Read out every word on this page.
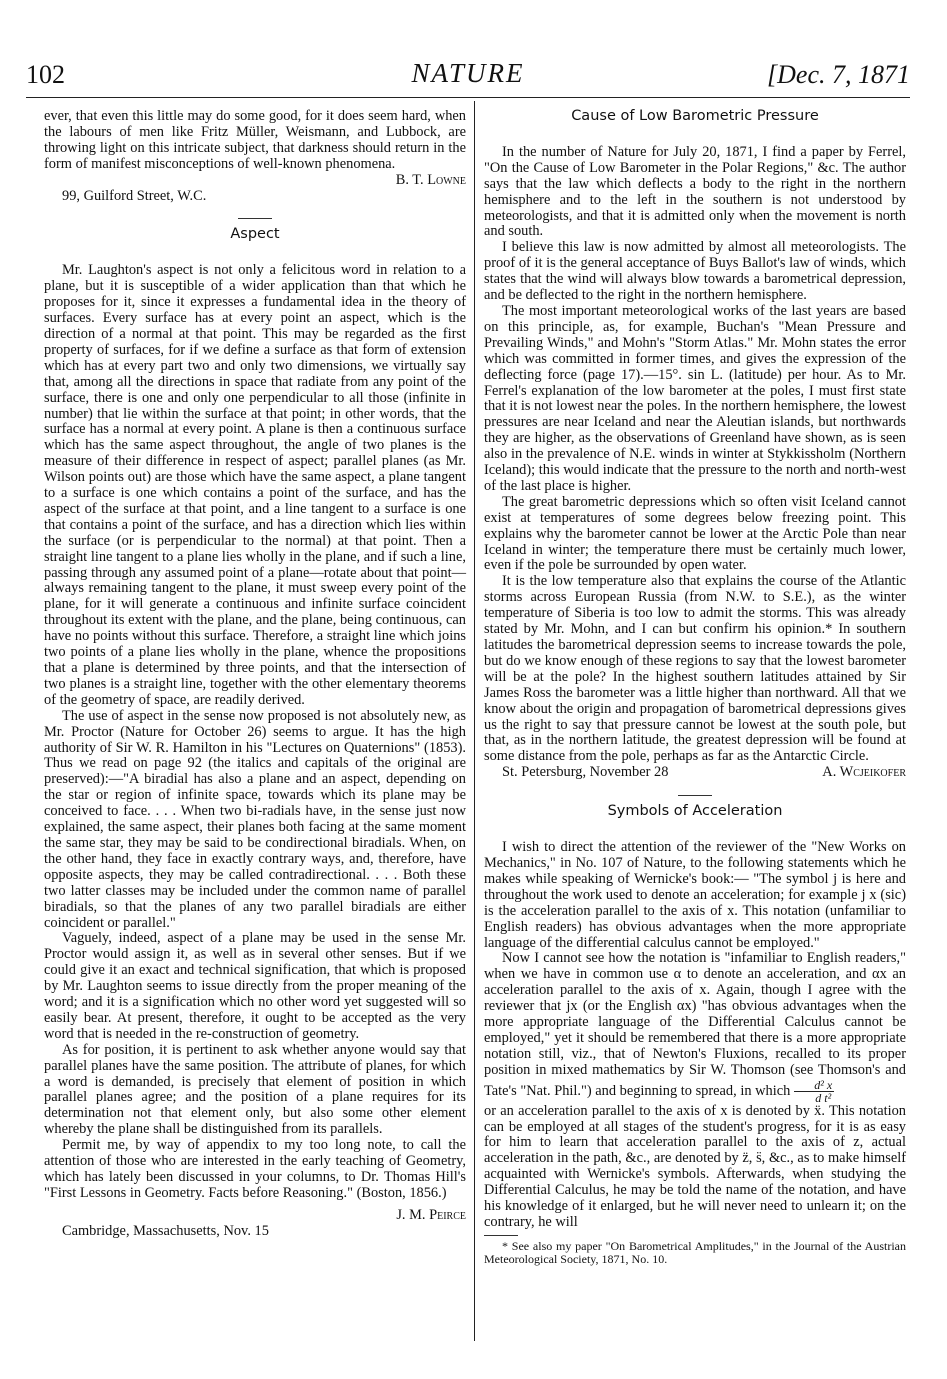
102	NATURE	[Dec. 7, 1871

ever, that even this little may do some good, for it does seem hard, when the labours of men like Fritz Müller, Weismann, and Lubbock, are throwing light on this intricate subject, that darkness should return in the form of manifest misconceptions of well-known phenomena.

B. T. Lowne

99, Guilford Street, W.C.

Aspect

Mr. Laughton's aspect is not only a felicitous word in relation to a plane, but it is susceptible of a wider application than that which he proposes for it, since it expresses a fundamental idea in the theory of surfaces. Every surface has at every point an aspect, which is the direction of a normal at that point. This may be regarded as the first property of surfaces, for if we define a surface as that form of extension which has at every part two and only two dimensions, we virtually say that, among all the directions in space that radiate from any point of the surface, there is one and only one perpendicular to all those (infinite in number) that lie within the surface at that point; in other words, that the surface has a normal at every point. A plane is then a continuous surface which has the same aspect throughout, the angle of two planes is the measure of their difference in respect of aspect; parallel planes (as Mr. Wilson points out) are those which have the same aspect, a plane tangent to a surface is one which contains a point of the surface, and has the aspect of the surface at that point, and a line tangent to a surface is one that contains a point of the surface, and has a direction which lies within the surface (or is perpendicular to the normal) at that point. Then a straight line tangent to a plane lies wholly in the plane, and if such a line, passing through any assumed point of a plane—rotate about that point—always remaining tangent to the plane, it must sweep every point of the plane, for it will generate a continuous and infinite surface coincident throughout its extent with the plane, and the plane, being continuous, can have no points without this surface. Therefore, a straight line which joins two points of a plane lies wholly in the plane, whence the propositions that a plane is determined by three points, and that the intersection of two planes is a straight line, together with the other elementary theorems of the geometry of space, are readily derived.

The use of aspect in the sense now proposed is not absolutely new, as Mr. Proctor (Nature for October 26) seems to argue. It has the high authority of Sir W. R. Hamilton in his "Lectures on Quaternions" (1853). Thus we read on page 92 (the italics and capitals of the original are preserved):—"A biradial has also a plane and an aspect, depending on the star or region of infinite space, towards which its plane may be conceived to face. . . . When two bi-radials have, in the sense just now explained, the same aspect, their planes both facing at the same moment the same star, they may be said to be condirectional biradials. When, on the other hand, they face in exactly contrary ways, and, therefore, have opposite aspects, they may be called contradirectional. . . . Both these two latter classes may be included under the common name of parallel biradials, so that the planes of any two parallel biradials are either coincident or parallel."

Vaguely, indeed, aspect of a plane may be used in the sense Mr. Proctor would assign it, as well as in several other senses. But if we could give it an exact and technical signification, that which is proposed by Mr. Laughton seems to issue directly from the proper meaning of the word; and it is a signification which no other word yet suggested will so easily bear. At present, therefore, it ought to be accepted as the very word that is needed in the re-construction of geometry.

As for position, it is pertinent to ask whether anyone would say that parallel planes have the same position. The attribute of planes, for which a word is demanded, is precisely that element of position in which parallel planes agree; and the position of a plane requires for its determination not that element only, but also some other element whereby the plane shall be distinguished from its parallels.

Permit me, by way of appendix to my too long note, to call the attention of those who are interested in the early teaching of Geometry, which has lately been discussed in your columns, to Dr. Thomas Hill's "First Lessons in Geometry. Facts before Reasoning." (Boston, 1856.)

J. M. Peirce

Cambridge, Massachusetts, Nov. 15

Cause of Low Barometric Pressure

In the number of Nature for July 20, 1871, I find a paper by Ferrel, "On the Cause of Low Barometer in the Polar Regions," &c. The author says that the law which deflects a body to the right in the northern hemisphere and to the left in the southern is not understood by meteorologists, and that it is admitted only when the movement is north and south.

I believe this law is now admitted by almost all meteorologists. The proof of it is the general acceptance of Buys Ballot's law of winds, which states that the wind will always blow towards a barometrical depression, and be deflected to the right in the northern hemisphere.

The most important meteorological works of the last years are based on this principle, as, for example, Buchan's "Mean Pressure and Prevailing Winds," and Mohn's "Storm Atlas." Mr. Mohn states the error which was committed in former times, and gives the expression of the deflecting force (page 17).—15°. sin L. (latitude) per hour. As to Mr. Ferrel's explanation of the low barometer at the poles, I must first state that it is not lowest near the poles. In the northern hemisphere, the lowest pressures are near Iceland and near the Aleutian islands, but northwards they are higher, as the observations of Greenland have shown, as is seen also in the prevalence of N.E. winds in winter at Stykkissholm (Northern Iceland); this would indicate that the pressure to the north and north-west of the last place is higher.

The great barometric depressions which so often visit Iceland cannot exist at temperatures of some degrees below freezing point. This explains why the barometer cannot be lower at the Arctic Pole than near Iceland in winter; the temperature there must be certainly much lower, even if the pole be surrounded by open water.

It is the low temperature also that explains the course of the Atlantic storms across European Russia (from N.W. to S.E.), as the winter temperature of Siberia is too low to admit the storms. This was already stated by Mr. Mohn, and I can but confirm his opinion.* In southern latitudes the barometrical depression seems to increase towards the pole, but do we know enough of these regions to say that the lowest barometer will be at the pole? In the highest southern latitudes attained by Sir James Ross the barometer was a little higher than northward. All that we know about the origin and propagation of barometrical depressions gives us the right to say that pressure cannot be lowest at the south pole, but that, as in the northern latitude, the greatest depression will be found at some distance from the pole, perhaps as far as the Antarctic Circle.

St. Petersburg, November 28	A. Wcjeikofer
Symbols of Acceleration

I wish to direct the attention of the reviewer of the "New Works on Mechanics," in No. 107 of Nature, to the following statements which he makes while speaking of Wernicke's book:— "The symbol j is here and throughout the work used to denote an acceleration; for example j x (sic) is the acceleration parallel to the axis of x. This notation (unfamiliar to English readers) has obvious advantages when the more appropriate language of the differential calculus cannot be employed."

Now I cannot see how the notation is "infamiliar to English readers," when we have in common use α to denote an acceleration, and αx an acceleration parallel to the axis of x. Again, though I agree with the reviewer that jx (or the English αx) "has obvious advantages when the more appropriate language of the Differential Calculus cannot be employed," yet it should be remembered that there is a more appropriate notation still, viz., that of Newton's Fluxions, recalled to its proper position in mixed mathematics by Sir W. Thomson (see Thomson's and Tate's "Nat. Phil.") and beginning to spread, in which $\frac{\text{d² x}}{\text{d t²}}$

or an acceleration parallel to the axis of x is denoted by ẍ. This notation can be employed at all stages of the student's progress, for it is as easy for him to learn that acceleration parallel to the axis of z, actual acceleration in the path, &c., are denoted by z̈, s̈, &c., as to make himself acquainted with Wernicke's symbols. Afterwards, when studying the Differential Calculus, he may be told the name of the notation, and have his knowledge of it enlarged, but he will never need to unlearn it; on the contrary, he will

* See also my paper "On Barometrical Amplitudes," in the Journal of the Austrian Meteorological Society, 1871, No. 10.
